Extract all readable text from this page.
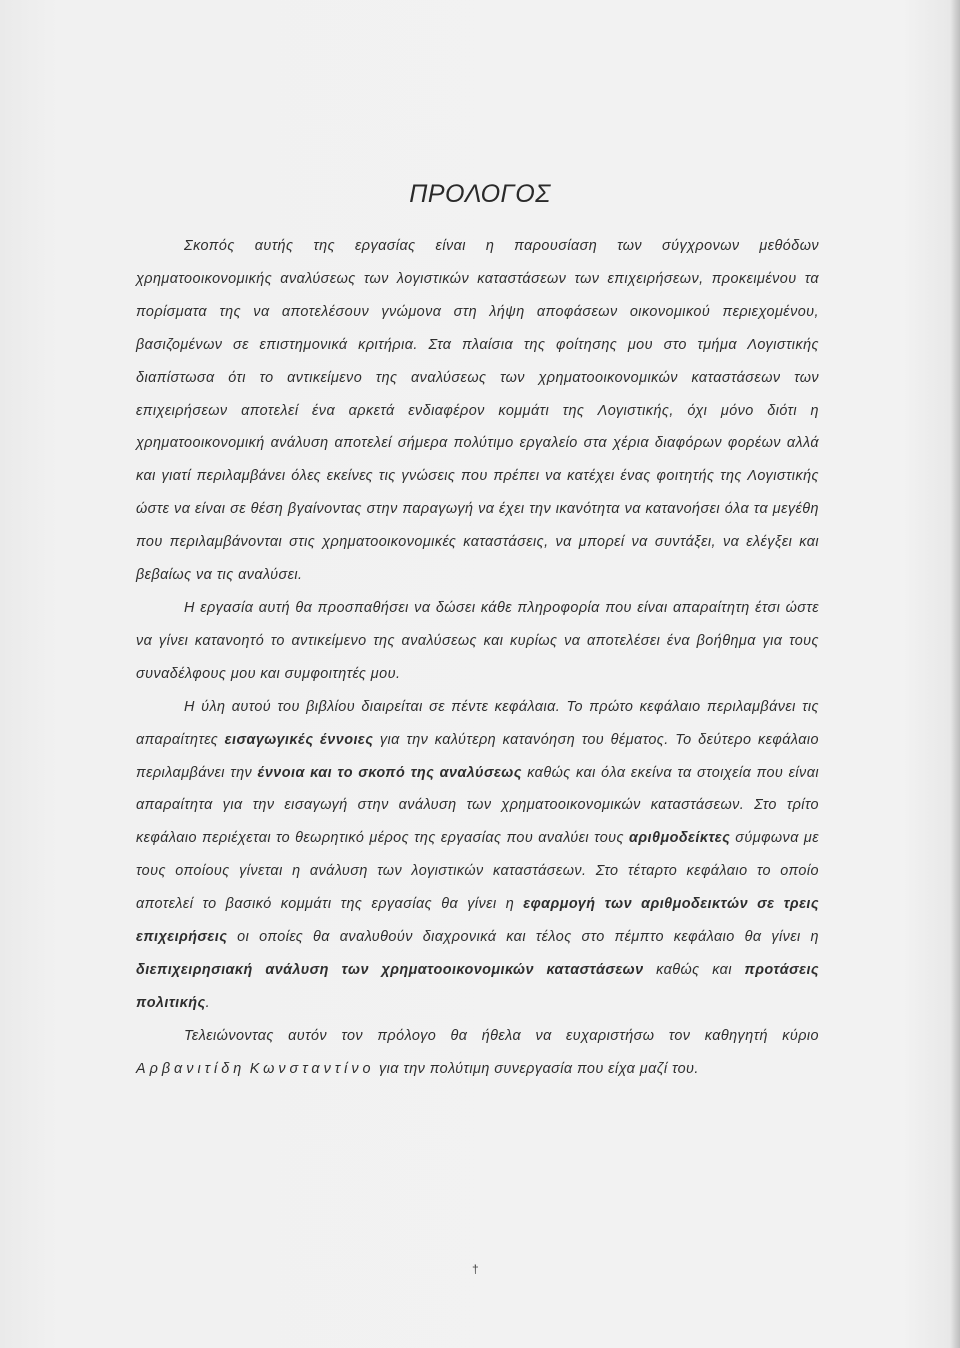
ΠΡΟΛΟΓΟΣ

Σκοπός αυτής της εργασίας είναι η παρουσίαση των σύγχρονων μεθόδων χρηματοοικονομικής αναλύσεως των λογιστικών καταστάσεων των επιχειρήσεων, προκειμένου τα πορίσματα της να αποτελέσουν γνώμονα στη λήψη αποφάσεων οικονομικού περιεχομένου, βασιζομένων σε επιστημονικά κριτήρια. Στα πλαίσια της φοίτησης μου στο τμήμα Λογιστικής διαπίστωσα ότι το αντικείμενο της αναλύσεως των χρηματοοικονομικών καταστάσεων των επιχειρήσεων αποτελεί ένα αρκετά ενδιαφέρον κομμάτι της Λογιστικής, όχι μόνο διότι η χρηματοοικονομική ανάλυση αποτελεί σήμερα πολύτιμο εργαλείο στα χέρια διαφόρων φορέων αλλά και γιατί περιλαμβάνει όλες εκείνες τις γνώσεις που πρέπει να κατέχει ένας φοιτητής της Λογιστικής ώστε να είναι σε θέση βγαίνοντας στην παραγωγή να έχει την ικανότητα να κατανοήσει όλα τα μεγέθη που περιλαμβάνονται στις χρηματοοικονομικές καταστάσεις, να μπορεί να συντάξει, να ελέγξει και βεβαίως να τις αναλύσει.

Η εργασία αυτή θα προσπαθήσει να δώσει κάθε πληροφορία που είναι απαραίτητη έτσι ώστε να γίνει κατανοητό το αντικείμενο της αναλύσεως και κυρίως να αποτελέσει ένα βοήθημα για τους συναδέλφους μου και συμφοιτητές μου.

Η ύλη αυτού του βιβλίου διαιρείται σε πέντε κεφάλαια. Το πρώτο κεφάλαιο περιλαμβάνει τις απαραίτητες εισαγωγικές έννοιες για την καλύτερη κατανόηση του θέματος. Το δεύτερο κεφάλαιο περιλαμβάνει την έννοια και το σκοπό της αναλύσεως καθώς και όλα εκείνα τα στοιχεία που είναι απαραίτητα για την εισαγωγή στην ανάλυση των χρηματοοικονομικών καταστάσεων. Στο τρίτο κεφάλαιο περιέχεται το θεωρητικό μέρος της εργασίας που αναλύει τους αριθμοδείκτες σύμφωνα με τους οποίους γίνεται η ανάλυση των λογιστικών καταστάσεων. Στο τέταρτο κεφάλαιο το οποίο αποτελεί το βασικό κομμάτι της εργασίας θα γίνει η εφαρμογή των αριθμοδεικτών σε τρεις επιχειρήσεις οι οποίες θα αναλυθούν διαχρονικά και τέλος στο πέμπτο κεφάλαιο θα γίνει η διεπιχειρησιακή ανάλυση των χρηματοοικονομικών καταστάσεων καθώς και προτάσεις πολιτικής.

Τελειώνοντας αυτόν τον πρόλογο θα ήθελα να ευχαριστήσω τον καθηγητή κύριο Αρβανιτίδη Κωνσταντίνο για την πολύτιμη συνεργασία που είχα μαζί του.

†
